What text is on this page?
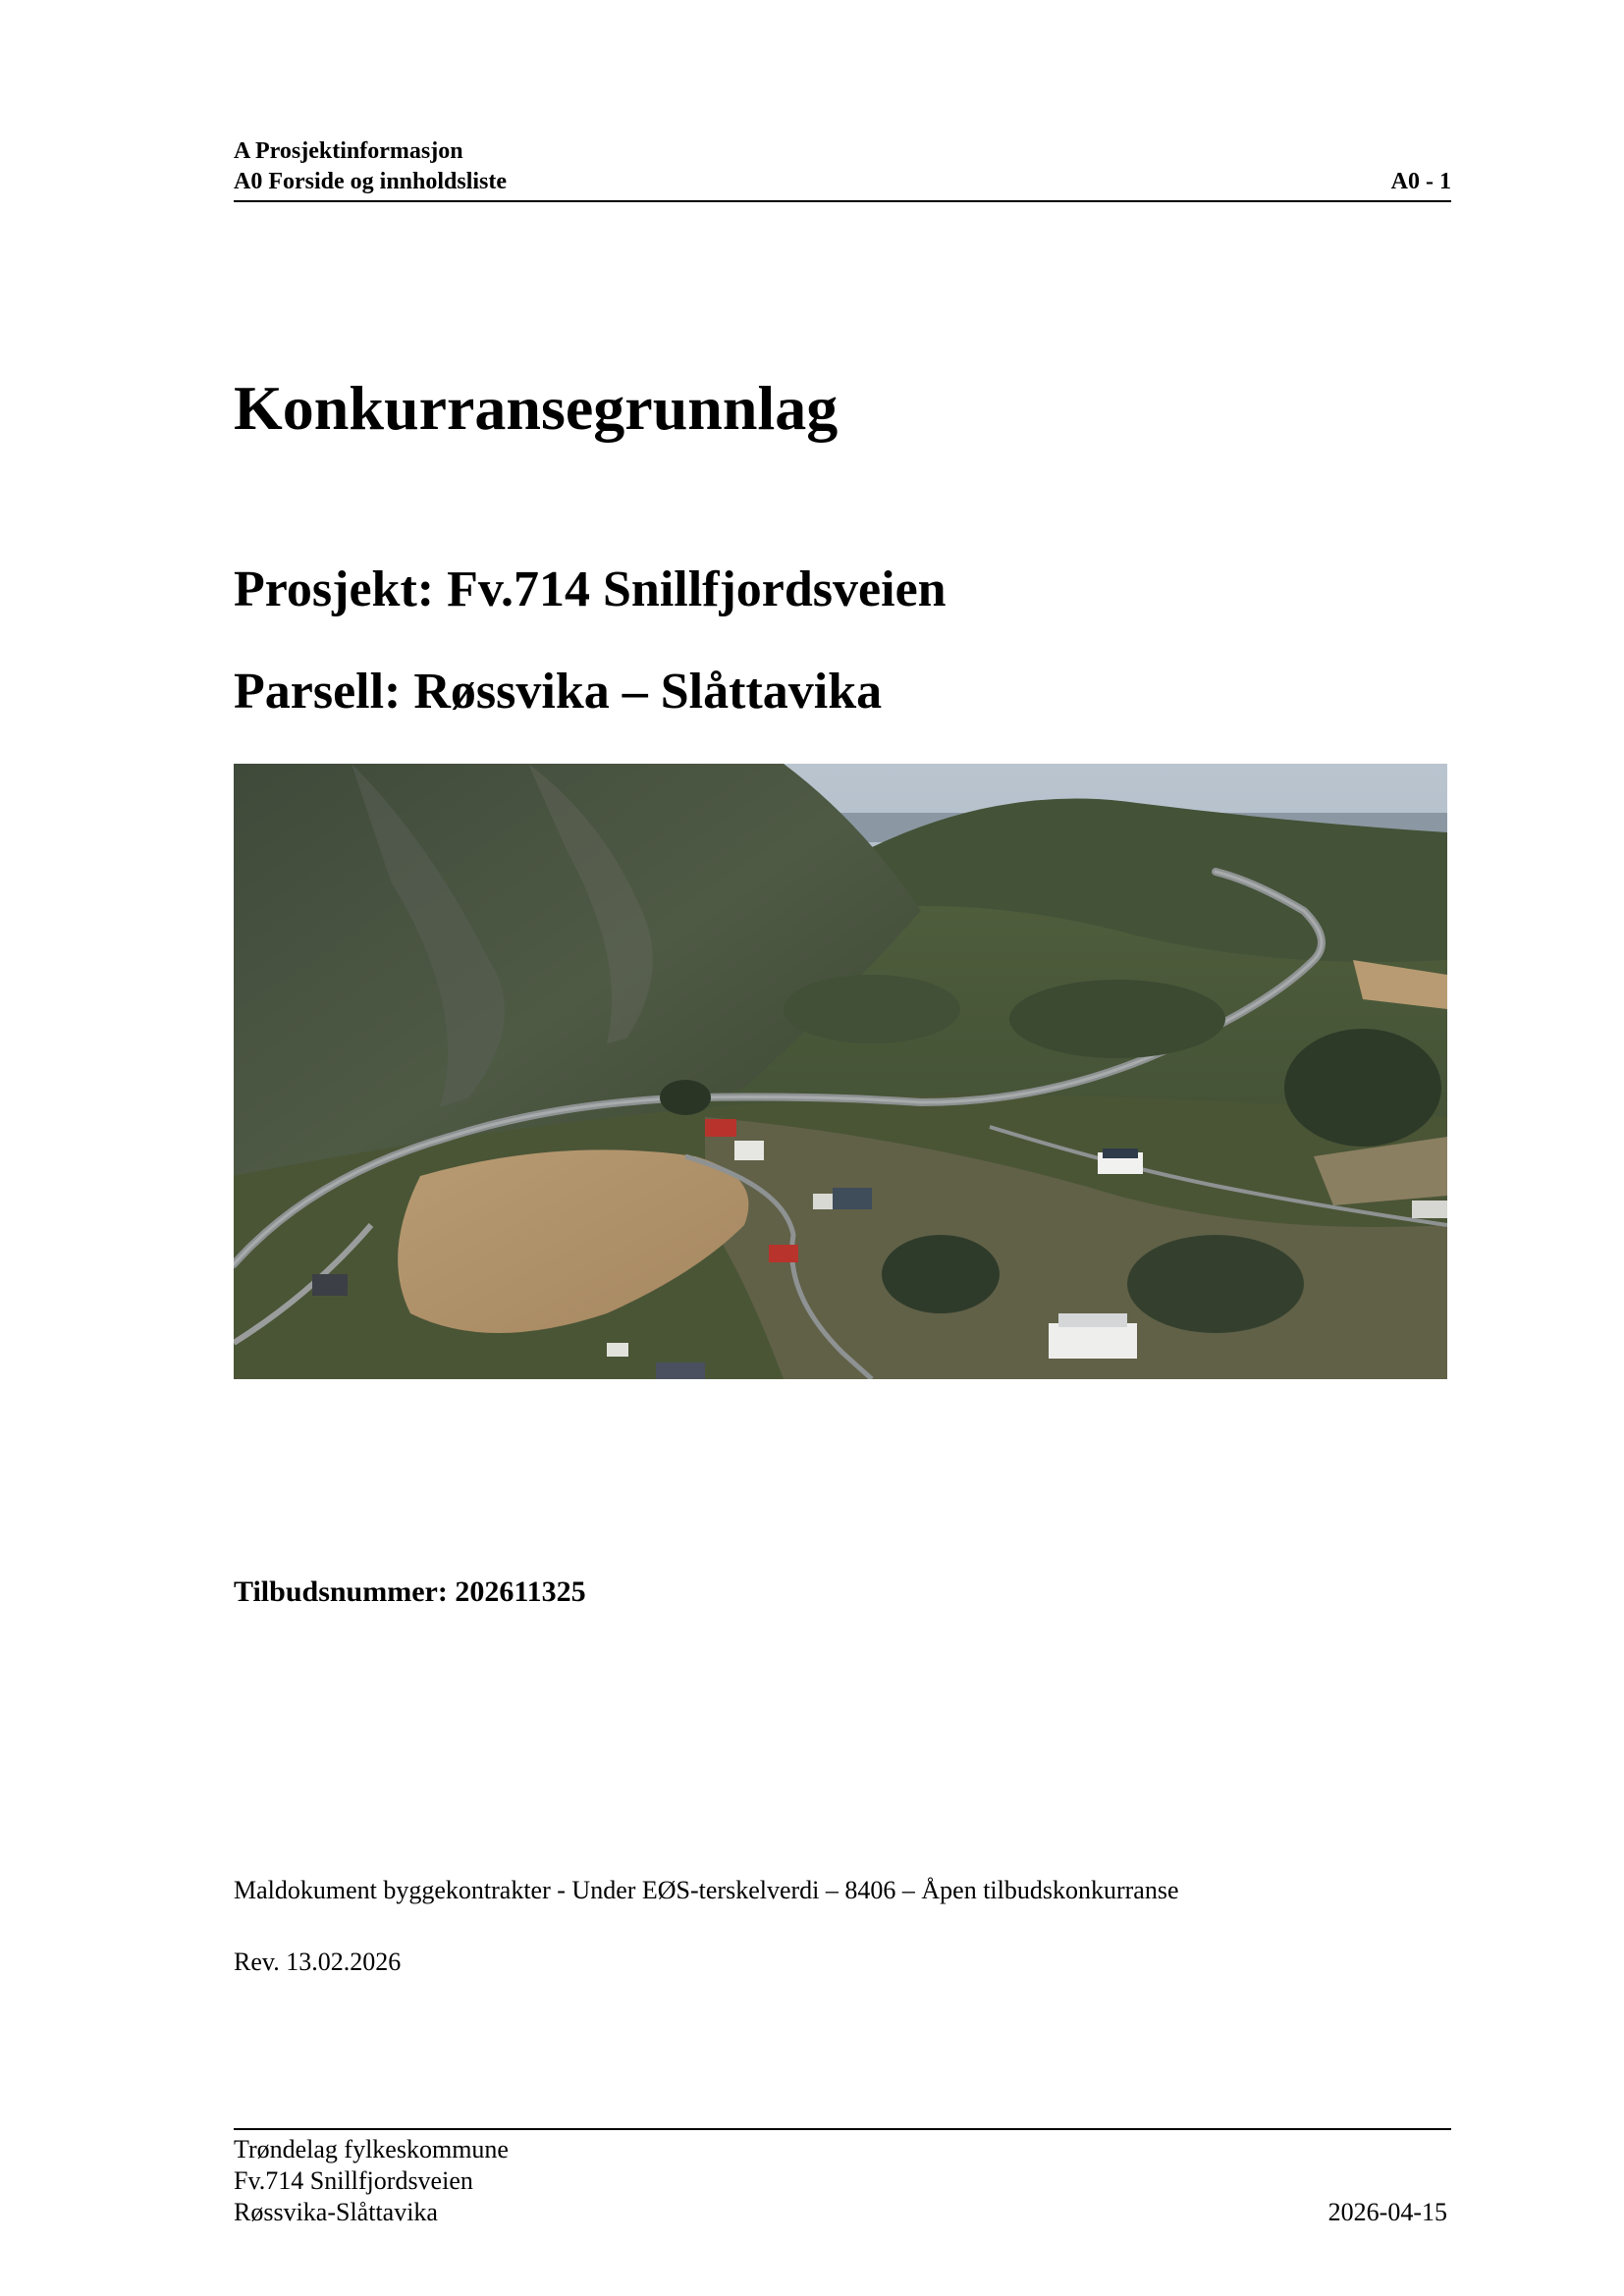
A Prosjektinformasjon
A0 Forside og innholdsliste	A0 - 1
Konkurransegrunnlag
Prosjekt: Fv.714 Snillfjordsveien
Parsell: Røssvika – Slåttavika
Tilbudsnummer: 202611325
Maldokument byggekontrakter - Under EØS-terskelverdi – 8406 – Åpen tilbudskonkurranse
Rev. 13.02.2026
Trøndelag fylkeskommune
Fv.714 Snillfjordsveien
Røssvika-Slåttavika	2026-04-15
